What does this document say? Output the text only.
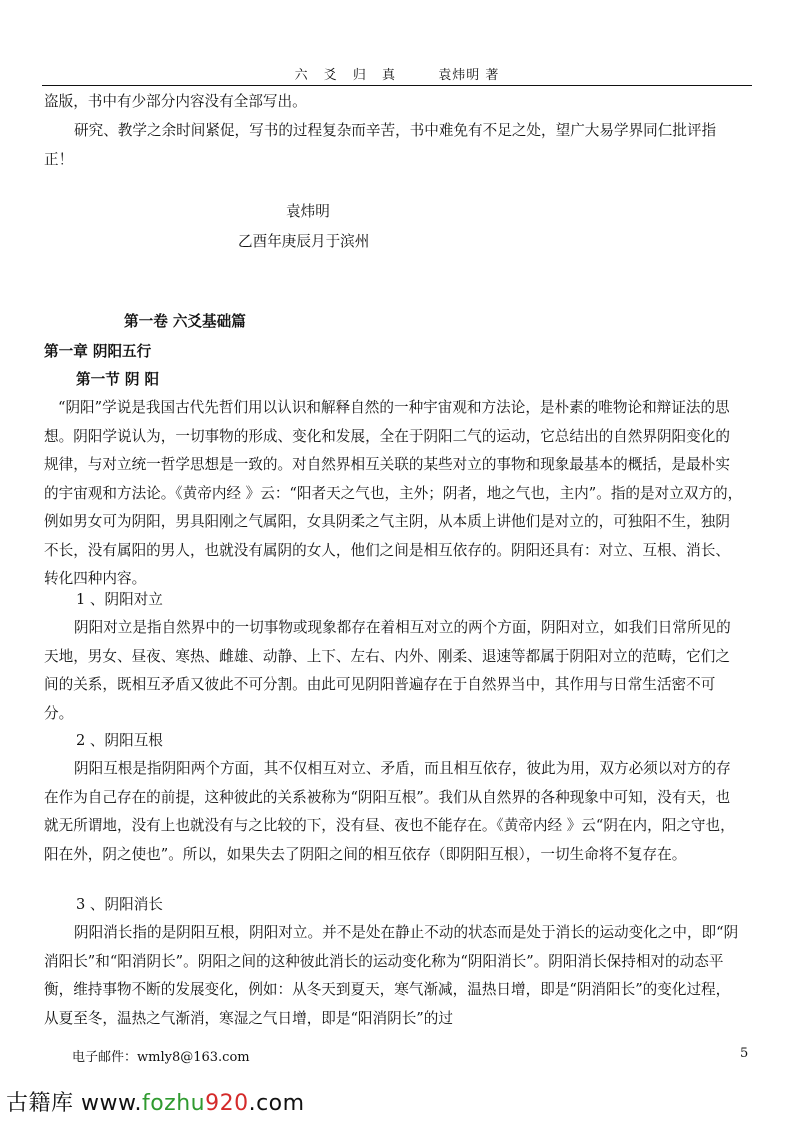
六 爻 归 真	袁炜明 著
盗版，书中有少部分内容没有全部写出。
研究、教学之余时间紧促，写书的过程复杂而辛苦，书中难免有不足之处，望广大易学界同仁批评指正！
袁炜明
乙酉年庚辰月于滨州
第一卷 六爻基础篇
第一章 阴阳五行
第一节 阴 阳
“阴阳”学说是我国古代先哲们用以认识和解释自然的一种宇宙观和方法论，是朴素的唯物论和辩证法的思想。阴阳学说认为，一切事物的形成、变化和发展，全在于阴阳二气的运动，它总结出的自然界阴阳变化的规律，与对立统一哲学思想是一致的。对自然界相互关联的某些对立的事物和现象最基本的概括，是最朴实的宇宙观和方法论。《黄帝内经 》云：“阳者天之气也，主外；阴者，地之气也，主内”。指的是对立双方的，例如男女可为阴阳，男具阳刚之气属阳，女具阴柔之气主阴，从本质上讲他们是对立的，可独阳不生，独阴不长，没有属阳的男人，也就没有属阴的女人，他们之间是相互依存的。阴阳还具有：对立、互根、消长、转化四种内容。
1 、阴阳对立
阴阳对立是指自然界中的一切事物或现象都存在着相互对立的两个方面，阴阳对立，如我们日常所见的天地，男女、昼夜、寒热、雌雄、动静、上下、左右、内外、刚柔、退速等都属于阴阳对立的范畴，它们之间的关系，既相互矛盾又彼此不可分割。由此可见阴阳普遍存在于自然界当中，其作用与日常生活密不可分。
2 、阴阳互根
阴阳互根是指阴阳两个方面，其不仅相互对立、矛盾，而且相互依存，彼此为用，双方必须以对方的存在作为自己存在的前提，这种彼此的关系被称为“阴阳互根”。我们从自然界的各种现象中可知，没有天，也就无所谓地，没有上也就没有与之比较的下，没有昼、夜也不能存在。《黄帝内经 》云“阴在内，阳之守也，阳在外，阴之使也”。所以，如果失去了阴阳之间的相互依存（即阴阳互根），一切生命将不复存在。
3 、阴阳消长
阴阳消长指的是阴阳互根，阴阳对立。并不是处在静止不动的状态而是处于消长的运动变化之中，即“阴消阳长”和“阳消阴长”。阴阳之间的这种彼此消长的运动变化称为“阴阳消长”。阴阳消长保持相对的动态平衡，维持事物不断的发展变化，例如：从冬天到夏天，寒气渐减，温热日增，即是“阴消阳长”的变化过程，从夏至冬，温热之气渐消，寒湿之气日增，即是“阳消阴长”的过
电子邮件：wmly8@163.com	5
古籍库 www.fozhu920.com
